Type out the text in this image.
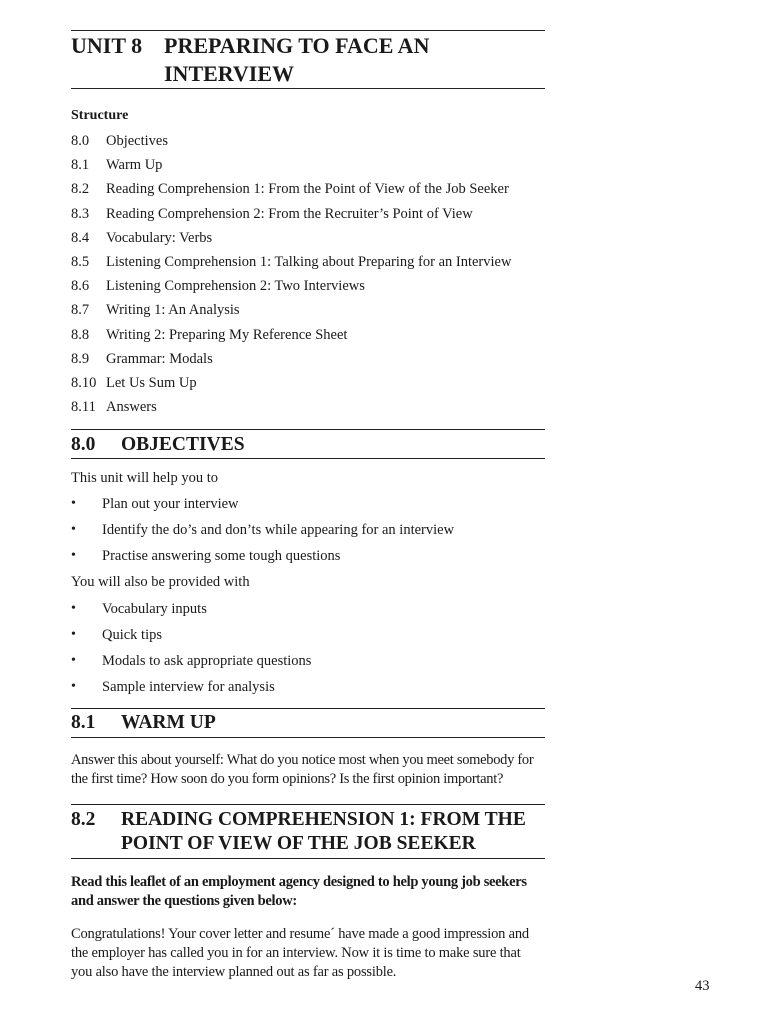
UNIT 8 PREPARING TO FACE AN INTERVIEW
Structure
8.0 Objectives
8.1 Warm Up
8.2 Reading Comprehension 1: From the Point of View of the Job Seeker
8.3 Reading Comprehension 2: From the Recruiter’s Point of View
8.4 Vocabulary: Verbs
8.5 Listening Comprehension 1: Talking about Preparing for an Interview
8.6 Listening Comprehension 2: Two Interviews
8.7 Writing 1: An Analysis
8.8 Writing 2: Preparing My Reference Sheet
8.9 Grammar: Modals
8.10 Let Us Sum Up
8.11 Answers
8.0 OBJECTIVES
This unit will help you to
• Plan out your interview
• Identify the do’s and don’ts while appearing for an interview
• Practise answering some tough questions
You will also be provided with
• Vocabulary inputs
• Quick tips
• Modals to ask appropriate questions
• Sample interview for analysis
8.1 WARM UP
Answer this about yourself: What do you notice most when you meet somebody for the first time? How soon do you form opinions? Is the first opinion important?
8.2 READING COMPREHENSION 1: FROM THE POINT OF VIEW OF THE JOB SEEKER
Read this leaflet of an employment agency designed to help young job seekers and answer the questions given below:
Congratulations! Your cover letter and resume´ have made a good impression and the employer has called you in for an interview. Now it is time to make sure that you also have the interview planned out as far as possible.
43
